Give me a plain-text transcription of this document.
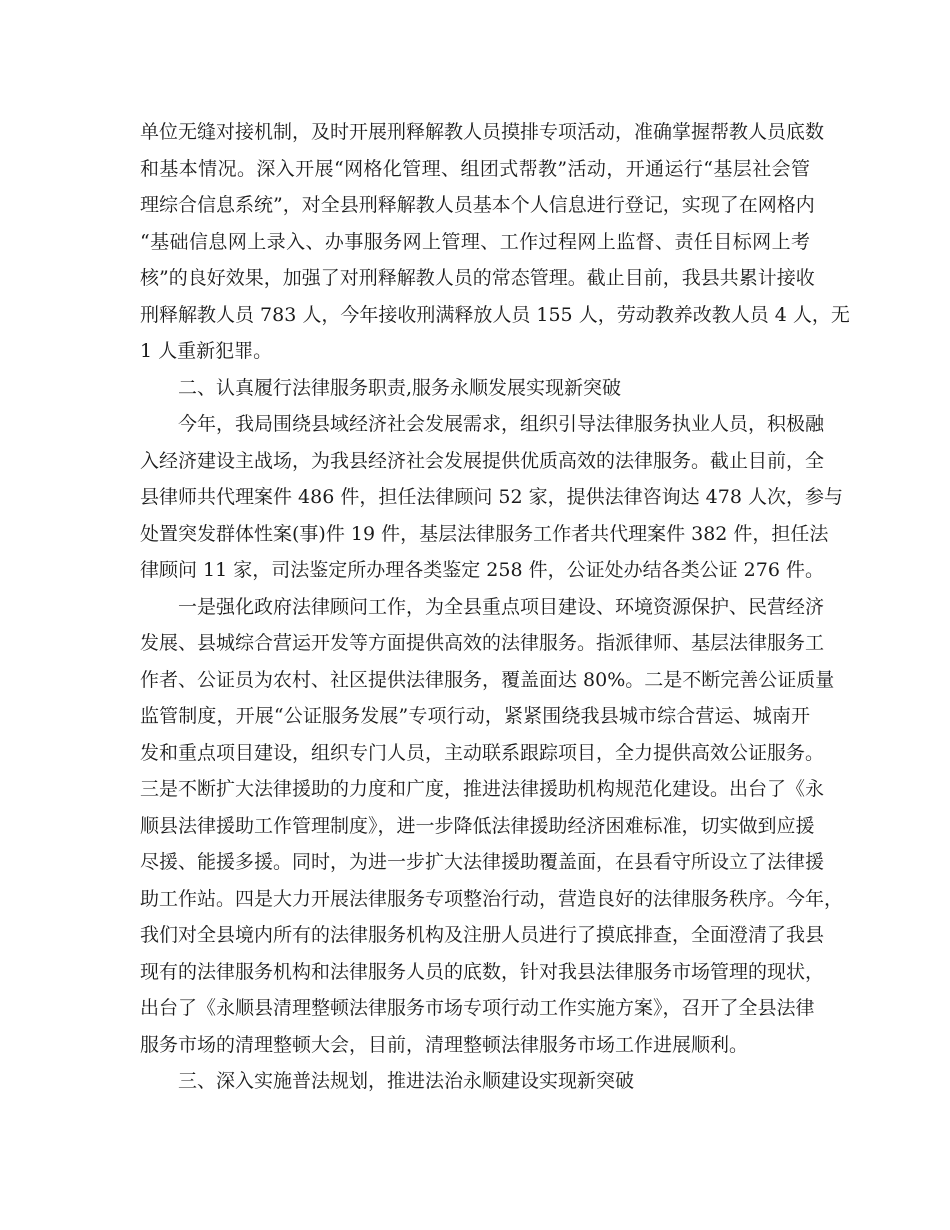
单位无缝对接机制，及时开展刑释解教人员摸排专项活动，准确掌握帮教人员底数
和基本情况。深入开展“网格化管理、组团式帮教”活动，开通运行“基层社会管
理综合信息系统”，对全县刑释解教人员基本个人信息进行登记，实现了在网格内
“基础信息网上录入、办事服务网上管理、工作过程网上监督、责任目标网上考
核”的良好效果，加强了对刑释解教人员的常态管理。截止目前，我县共累计接收
刑释解教人员 783 人，今年接收刑满释放人员 155 人，劳动教养改教人员 4 人，无
1 人重新犯罪。
二、认真履行法律服务职责,服务永顺发展实现新突破
今年，我局围绕县域经济社会发展需求，组织引导法律服务执业人员，积极融
入经济建设主战场，为我县经济社会发展提供优质高效的法律服务。截止目前，全
县律师共代理案件 486 件，担任法律顾问 52 家，提供法律咨询达 478 人次，参与
处置突发群体性案(事)件 19 件，基层法律服务工作者共代理案件 382 件，担任法
律顾问 11 家，司法鉴定所办理各类鉴定 258 件，公证处办结各类公证 276 件。
一是强化政府法律顾问工作，为全县重点项目建设、环境资源保护、民营经济
发展、县城综合营运开发等方面提供高效的法律服务。指派律师、基层法律服务工
作者、公证员为农村、社区提供法律服务，覆盖面达 80%。二是不断完善公证质量
监管制度，开展“公证服务发展”专项行动，紧紧围绕我县城市综合营运、城南开
发和重点项目建设，组织专门人员，主动联系跟踪项目，全力提供高效公证服务。
三是不断扩大法律援助的力度和广度，推进法律援助机构规范化建设。出台了《永
顺县法律援助工作管理制度》，进一步降低法律援助经济困难标准，切实做到应援
尽援、能援多援。同时，为进一步扩大法律援助覆盖面，在县看守所设立了法律援
助工作站。四是大力开展法律服务专项整治行动，营造良好的法律服务秩序。今年，
我们对全县境内所有的法律服务机构及注册人员进行了摸底排查，全面澄清了我县
现有的法律服务机构和法律服务人员的底数，针对我县法律服务市场管理的现状，
出台了《永顺县清理整顿法律服务市场专项行动工作实施方案》，召开了全县法律
服务市场的清理整顿大会，目前，清理整顿法律服务市场工作进展顺利。
三、深入实施普法规划，推进法治永顺建设实现新突破
